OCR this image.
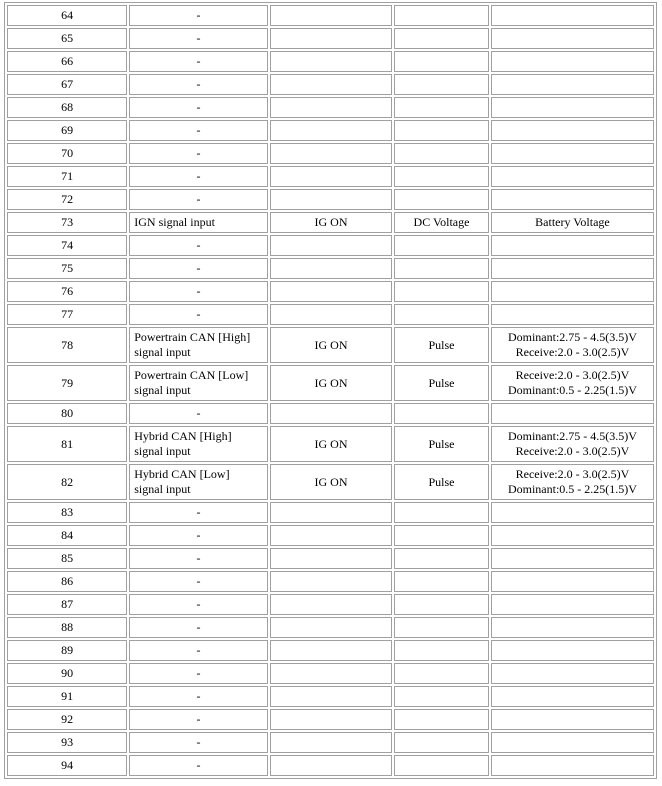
64	-			
65	-			
66	-			
67	-			
68	-			
69	-			
70	-			
71	-			
72	-			
73	IGN signal input	IG ON	DC Voltage	Battery Voltage

74	-			
75	-			
76	-			
77	-			
78	Powertrain CAN [High]
signal input	IG ON	Pulse	Dominant:2.75 - 4.5(3.5)V
Receive:2.0 - 3.0(2.5)V

79	Powertrain CAN [Low]
signal input	IG ON	Pulse	Receive:2.0 - 3.0(2.5)V
Dominant:0.5 - 2.25(1.5)V

80	-			
81	Hybrid CAN [High]
signal input	IG ON	Pulse	Dominant:2.75 - 4.5(3.5)V
Receive:2.0 - 3.0(2.5)V

82	Hybrid CAN [Low]
signal input	IG ON	Pulse	Receive:2.0 - 3.0(2.5)V
Dominant:0.5 - 2.25(1.5)V

83	-			
84	-			
85	-			
86	-			
87	-			
88	-			
89	-			
90	-			
91	-			
92	-			
93	-			
94	-			
